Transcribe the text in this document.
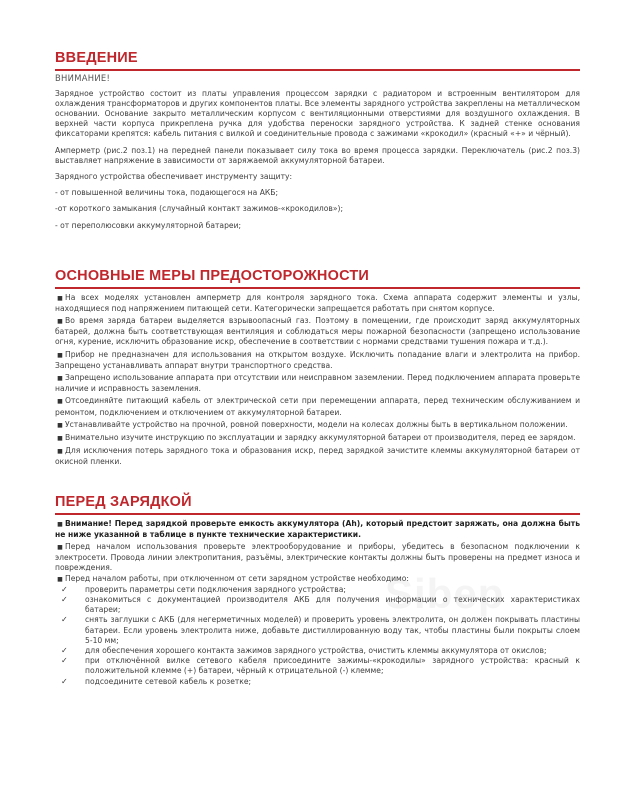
ВВЕДЕНИЕ
ВНИМАНИЕ!

Зарядное устройство состоит из платы управления процессом зарядки с радиатором и встроенным вентилятором для охлаждения трансформаторов и других компонентов платы. Все элементы зарядного устройства закреплены на металлическом основании. Основание закрыто металлическим корпусом с вентиляционными отверстиями для воздушного охлаждения. В верхней части корпуса прикреплена ручка для удобства переноски зарядного устройства. К задней стенке основания фиксаторами крепятся: кабель питания с вилкой и соединительные провода с зажимами «крокодил» (красный «+» и чёрный).

Амперметр (рис.2 поз.1) на передней панели показывает силу тока во время процесса зарядки. Переключатель (рис.2 поз.3) выставляет напряжение в зависимости от заряжаемой аккумуляторной батареи.

Зарядного устройства обеспечивает инструменту защиту:

- от повышенной величины тока, подающегося на АКБ;

-от короткого замыкания (случайный контакт зажимов-«крокодилов»);

- от переполюсовки аккумуляторной батареи;

ОСНОВНЫЕ МЕРЫ ПРЕДОСТОРОЖНОСТИ

■ На всех моделях установлен амперметр для контроля зарядного тока. Схема аппарата содержит элементы и узлы, находящиеся под напряжением питающей сети. Категорически запрещается работать при снятом корпусе.

■ Во время заряда батареи выделяется взрывоопасный газ. Поэтому в помещении, где происходит заряд аккумуляторных батарей, должна быть соответствующая вентиляция и соблюдаться меры пожарной безопасности (запрещено использование огня, курение, исключить образование искр, обеспечение в соответствии с нормами средствами тушения пожара и т.д.).

■ Прибор не предназначен для использования на открытом воздухе. Исключить попадание влаги и электролита на прибор. Запрещено устанавливать аппарат внутри транспортного средства.

■ Запрещено использование аппарата при отсутствии или неисправном заземлении. Перед подключением аппарата проверьте наличие и исправность заземления.

■ Отсоединяйте питающий кабель от электрической сети при перемещении аппарата, перед техническим обслуживанием и ремонтом, подключением и отключением от аккумуляторной батареи.

■ Устанавливайте устройство на прочной, ровной поверхности, модели на колесах должны быть в вертикальном положении.

■ Внимательно изучите инструкцию по эксплуатации и зарядку аккумуляторной батареи от производителя, перед ее зарядом.

■ Для исключения потерь зарядного тока и образования искр, перед зарядкой зачистите клеммы аккумуляторной батареи от окисной пленки.

ПЕРЕД ЗАРЯДКОЙ

■ Внимание! Перед зарядкой проверьте емкость аккумулятора (Ah), который предстоит заряжать, она должна быть не ниже указанной в таблице в пункте технические характеристики.

■ Перед началом использования проверьте электрооборудование и приборы, убедитесь в безопасном подключении к электросети. Провода линии электропитания, разъёмы, электрические контакты должны быть проверены на предмет износа и повреждения.

■ Перед началом работы, при отключенном от сети зарядном устройстве необходимо:

✓	проверить параметры сети подключения зарядного устройства;
✓	ознакомиться с документацией производителя АКБ для получения информации о технических характеристиках батареи;
✓	снять заглушки с АКБ (для негерметичных моделей) и проверить уровень электролита, он должен покрывать пластины батареи. Если уровень электролита ниже, добавьте дистиллированную воду так, чтобы пластины были покрыты слоем 5-10 мм;
✓	для обеспечения хорошего контакта зажимов зарядного устройства, очистить клеммы аккумулятора от окислов;
✓	при отключённой вилке сетевого кабеля присоедините зажимы-«крокодилы» зарядного устройства: красный к положительной клемме (+) батареи, чёрный к отрицательной (-) клемме;
✓	подсоедините сетевой кабель к розетке;
Sibep
